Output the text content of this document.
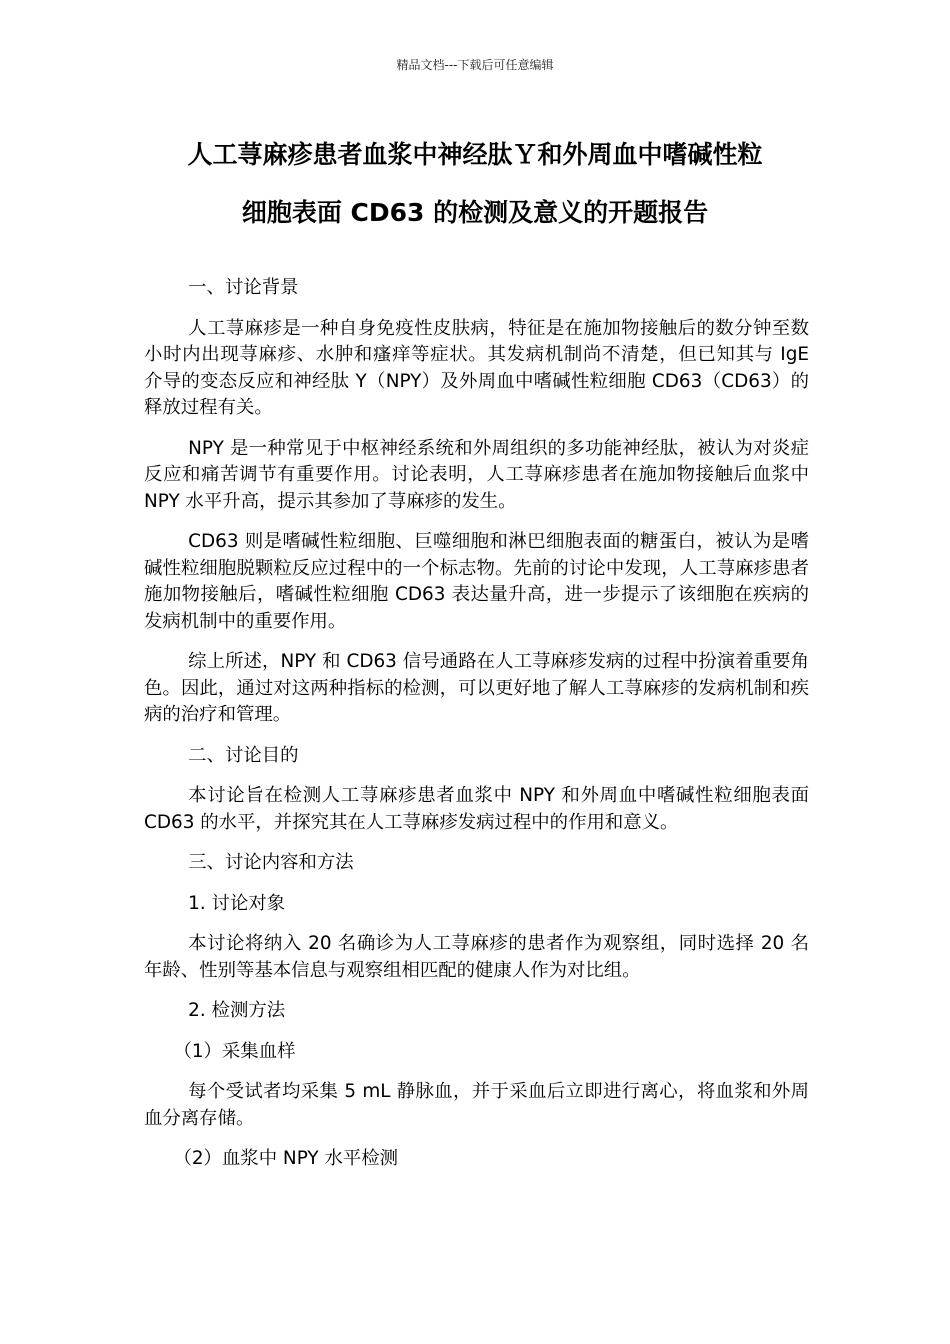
精品文档---下载后可任意编辑
人工荨麻疹患者血浆中神经肽Ｙ和外周血中嗜碱性粒
细胞表面 CD63 的检测及意义的开题报告

一、讨论背景

人工荨麻疹是一种自身免疫性皮肤病，特征是在施加物接触后的数分钟至数小时内出现荨麻疹、水肿和瘙痒等症状。其发病机制尚不清楚，但已知其与 IgE 介导的变态反应和神经肽 Y（NPY）及外周血中嗜碱性粒细胞 CD63（CD63）的释放过程有关。

NPY 是一种常见于中枢神经系统和外周组织的多功能神经肽，被认为对炎症反应和痛苦调节有重要作用。讨论表明，人工荨麻疹患者在施加物接触后血浆中 NPY 水平升高，提示其参加了荨麻疹的发生。

CD63 则是嗜碱性粒细胞、巨噬细胞和淋巴细胞表面的糖蛋白，被认为是嗜碱性粒细胞脱颗粒反应过程中的一个标志物。先前的讨论中发现，人工荨麻疹患者施加物接触后，嗜碱性粒细胞 CD63 表达量升高，进一步提示了该细胞在疾病的发病机制中的重要作用。

综上所述，NPY 和 CD63 信号通路在人工荨麻疹发病的过程中扮演着重要角色。因此，通过对这两种指标的检测，可以更好地了解人工荨麻疹的发病机制和疾病的治疗和管理。

二、讨论目的

本讨论旨在检测人工荨麻疹患者血浆中 NPY 和外周血中嗜碱性粒细胞表面 CD63 的水平，并探究其在人工荨麻疹发病过程中的作用和意义。

三、讨论内容和方法

1. 讨论对象

本讨论将纳入 20 名确诊为人工荨麻疹的患者作为观察组，同时选择 20 名年龄、性别等基本信息与观察组相匹配的健康人作为对比组。

2. 检测方法

（1）采集血样

每个受试者均采集 5 mL 静脉血，并于采血后立即进行离心，将血浆和外周血分离存储。

（2）血浆中 NPY 水平检测
